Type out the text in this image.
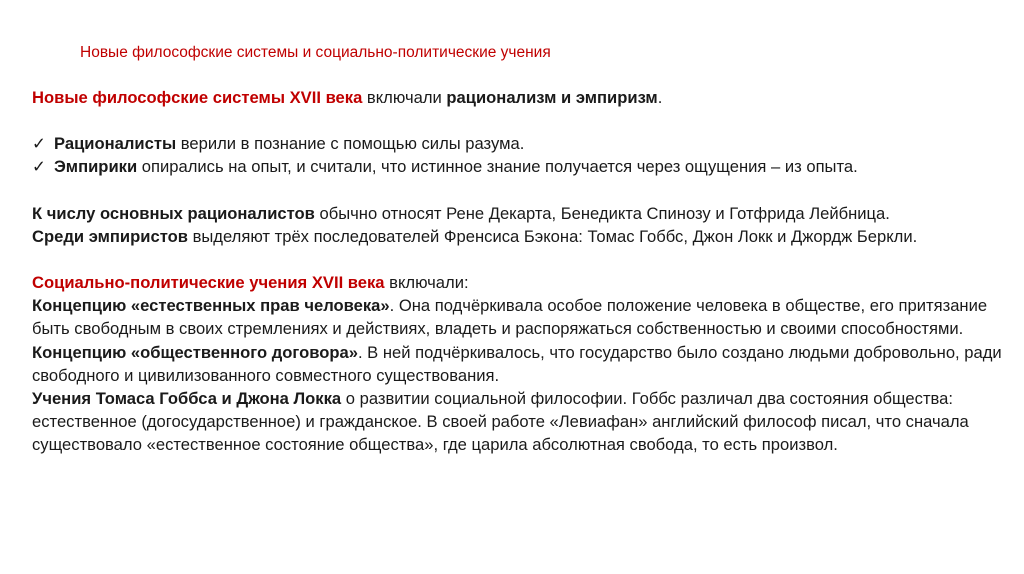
Новые философские системы и социально-политические учения

Новые философские системы XVII века включали рационализм и эмпиризм.

✓ Рационалисты верили в познание с помощью силы разума.

✓ Эмпирики опирались на опыт, и считали, что истинное знание получается через ощущения – из опыта.

К числу основных рационалистов обычно относят Рене Декарта, Бенедикта Спинозу и Готфрида Лейбница.

Среди эмпиристов выделяют трёх последователей Френсиса Бэкона: Томас Гоббс, Джон Локк и Джордж Беркли.

Социально-политические учения XVII века включали:

Концепцию «естественных прав человека». Она подчёркивала особое положение человека в обществе, его притязание быть свободным в своих стремлениях и действиях, владеть и распоряжаться собственностью и своими способностями.

Концепцию «общественного договора». В ней подчёркивалось, что государство было создано людьми добровольно, ради свободного и цивилизованного совместного существования.

Учения Томаса Гоббса и Джона Локка о развитии социальной философии. Гоббс различал два состояния общества: естественное (догосударственное) и гражданское. В своей работе «Левиафан» английский философ писал, что сначала существовало «естественное состояние общества», где царила абсолютная свобода, то есть произвол.
